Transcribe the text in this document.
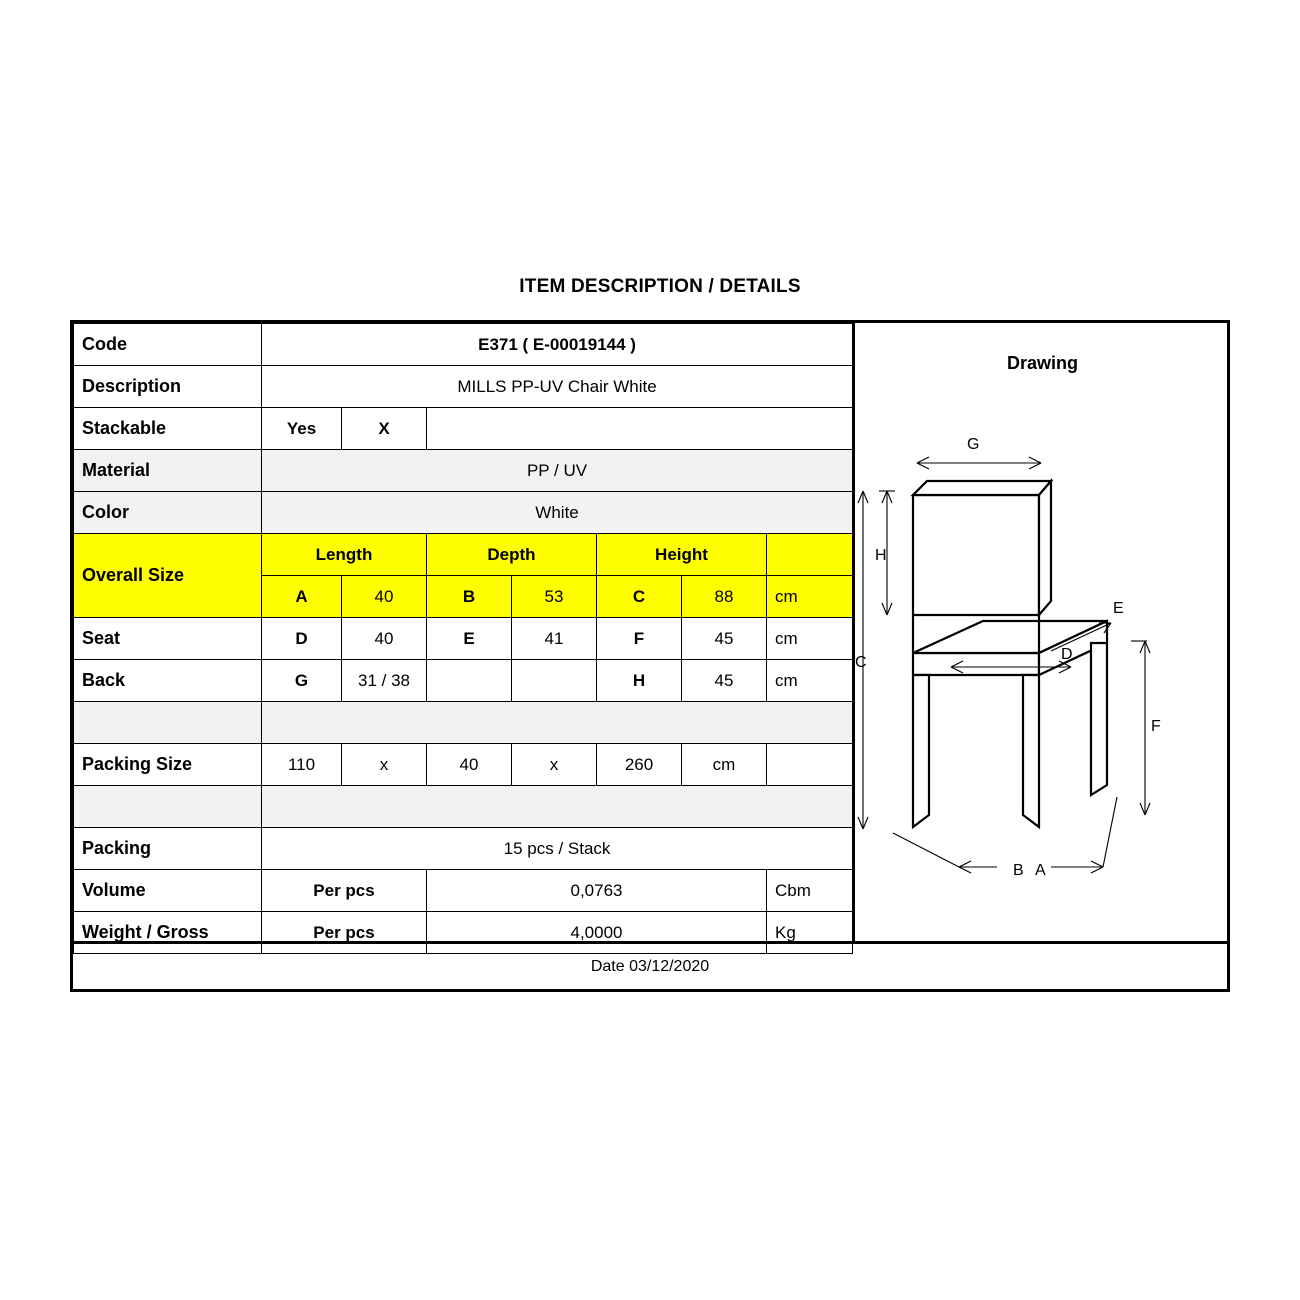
ITEM DESCRIPTION / DETAILS
Code	E371 ( E-00019144 )						
Description	MILLS PP-UV Chair White						
Stackable	Yes	X					
Material	PP / UV						
Color	White						
Overall Size	Length		Depth		Height		
	A	40	B	53	C	88	cm
Seat	D	40	E	41	F	45	cm
Back	G	31 / 38			H	45	cm

Packing Size	110	x	40	x	260	cm	

Packing	15 pcs / Stack						
Volume	Per pcs		0,0763				Cbm
Weight / Gross	Per pcs		4,0000				Kg
Drawing
G
H
C
E
D
F
B A
Date 03/12/2020
